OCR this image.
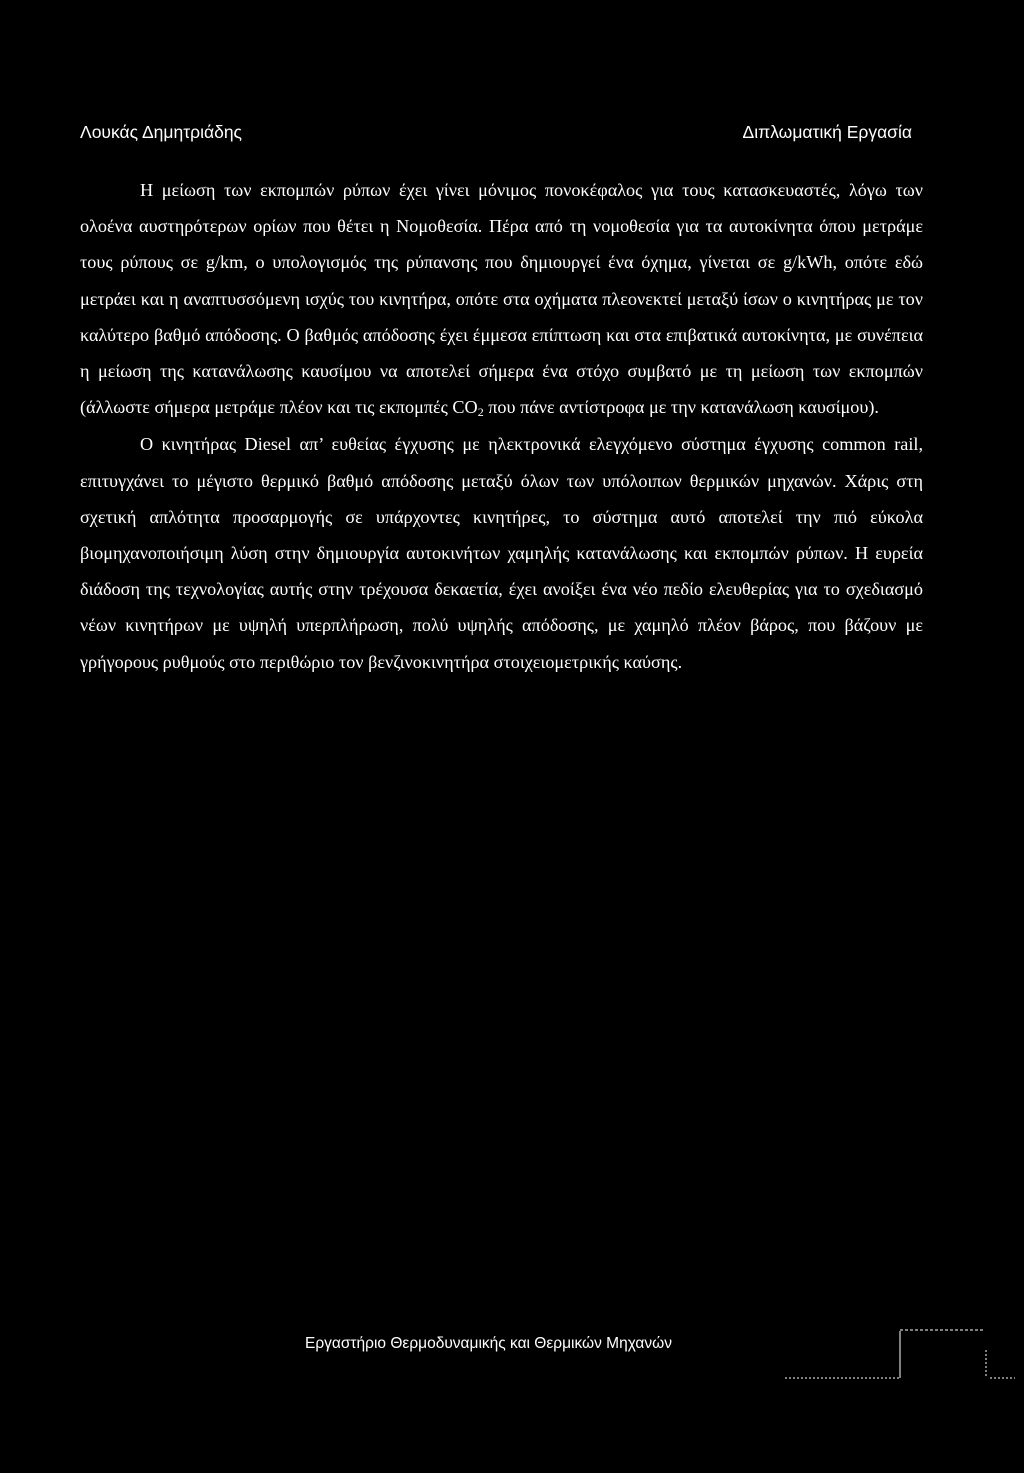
Λουκάς Δημητριάδης	Διπλωματική Εργασία

Η μείωση των εκπομπών ρύπων έχει γίνει μόνιμος πονοκέφαλος για τους κατασκευαστές, λόγω των ολοένα αυστηρότερων ορίων που θέτει η Νομοθεσία. Πέρα από τη νομοθεσία για τα αυτοκίνητα όπου μετράμε τους ρύπους σε g/km, ο υπολογισμός της ρύπανσης που δημιουργεί ένα όχημα, γίνεται σε g/kWh, οπότε εδώ μετράει και η αναπτυσσόμενη ισχύς του κινητήρα, οπότε στα οχήματα πλεονεκτεί μεταξύ ίσων ο κινητήρας με τον καλύτερο βαθμό απόδοσης. Ο βαθμός απόδοσης έχει έμμεσα επίπτωση και στα επιβατικά αυτοκίνητα, με συνέπεια η μείωση της κατανάλωσης καυσίμου να αποτελεί σήμερα ένα στόχο συμβατό με τη μείωση των εκπομπών (άλλωστε σήμερα μετράμε πλέον και τις εκπομπές $CO_2$ που πάνε αντίστροφα με την κατανάλωση καυσίμου).

Ο κινητήρας Diesel απ’ ευθείας έγχυσης με ηλεκτρονικά ελεγχόμενο σύστημα έγχυσης common rail, επιτυγχάνει το μέγιστο θερμικό βαθμό απόδοσης μεταξύ όλων των υπόλοιπων θερμικών μηχανών. Χάρις στη σχετική απλότητα προσαρμογής σε υπάρχοντες κινητήρες, το σύστημα αυτό αποτελεί την πιό εύκολα βιομηχανοποιήσιμη λύση στην δημιουργία αυτοκινήτων χαμηλής κατανάλωσης και εκπομπών ρύπων. Η ευρεία διάδοση της τεχνολογίας αυτής στην τρέχουσα δεκαετία, έχει ανοίξει ένα νέο πεδίο ελευθερίας για το σχεδιασμό νέων κινητήρων με υψηλή υπερπλήρωση, πολύ υψηλής απόδοσης, με χαμηλό πλέον βάρος, που βάζουν με γρήγορους ρυθμούς στο περιθώριο τον βενζινοκινητήρα στοιχειομετρικής καύσης.

Εργαστήριο Θερμοδυναμικής και Θερμικών Μηχανών
